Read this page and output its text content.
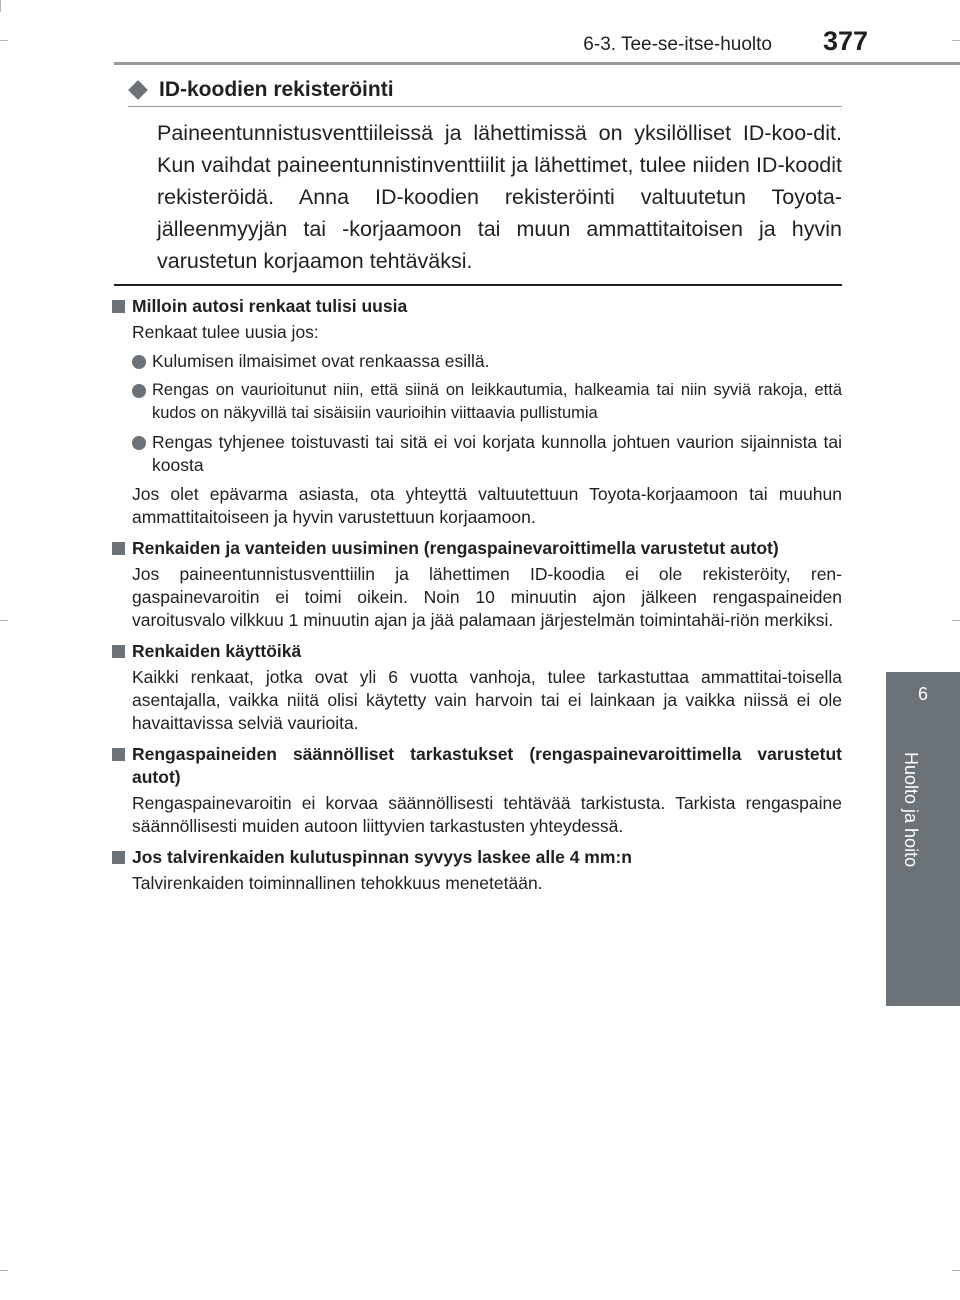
6-3. Tee-se-itse-huolto 377
6
Huolto ja hoito
ID-koodien rekisteröinti
Paineentunnistusventtiileissä ja lähettimissä on yksilölliset ID-koo-dit. Kun vaihdat paineentunnistinventtiilit ja lähettimet, tulee niiden ID-koodit rekisteröidä. Anna ID-koodien rekisteröinti valtuutetun Toyota-jälleenmyyjän tai -korjaamoon tai muun ammattitaitoisen ja hyvin varustetun korjaamon tehtäväksi.
Milloin autosi renkaat tulisi uusia
Renkaat tulee uusia jos:
Kulumisen ilmaisimet ovat renkaassa esillä.
Rengas on vaurioitunut niin, että siinä on leikkautumia, halkeamia tai niin syviä rakoja, että kudos on näkyvillä tai sisäisiin vaurioihin viittaavia pullistumia
Rengas tyhjenee toistuvasti tai sitä ei voi korjata kunnolla johtuen vaurion sijainnista tai koosta
Jos olet epävarma asiasta, ota yhteyttä valtuutettuun Toyota-korjaamoon tai muuhun ammattitaitoiseen ja hyvin varustettuun korjaamoon.
Renkaiden ja vanteiden uusiminen (rengaspainevaroittimella varustetut autot)
Jos paineentunnistusventtiilin ja lähettimen ID-koodia ei ole rekisteröity, ren-gaspainevaroitin ei toimi oikein. Noin 10 minuutin ajon jälkeen rengaspaineiden varoitusvalo vilkkuu 1 minuutin ajan ja jää palamaan järjestelmän toimintahäi-riön merkiksi.
Renkaiden käyttöikä
Kaikki renkaat, jotka ovat yli 6 vuotta vanhoja, tulee tarkastuttaa ammattitai-toisella asentajalla, vaikka niitä olisi käytetty vain harvoin tai ei lainkaan ja vaikka niissä ei ole havaittavissa selviä vaurioita.
Rengaspaineiden säännölliset tarkastukset (rengaspainevaroittimella varustetut autot)
Rengaspainevaroitin ei korvaa säännöllisesti tehtävää tarkistusta. Tarkista rengaspaine säännöllisesti muiden autoon liittyvien tarkastusten yhteydessä.
Jos talvirenkaiden kulutuspinnan syvyys laskee alle 4 mm:n
Talvirenkaiden toiminnallinen tehokkuus menetetään.
